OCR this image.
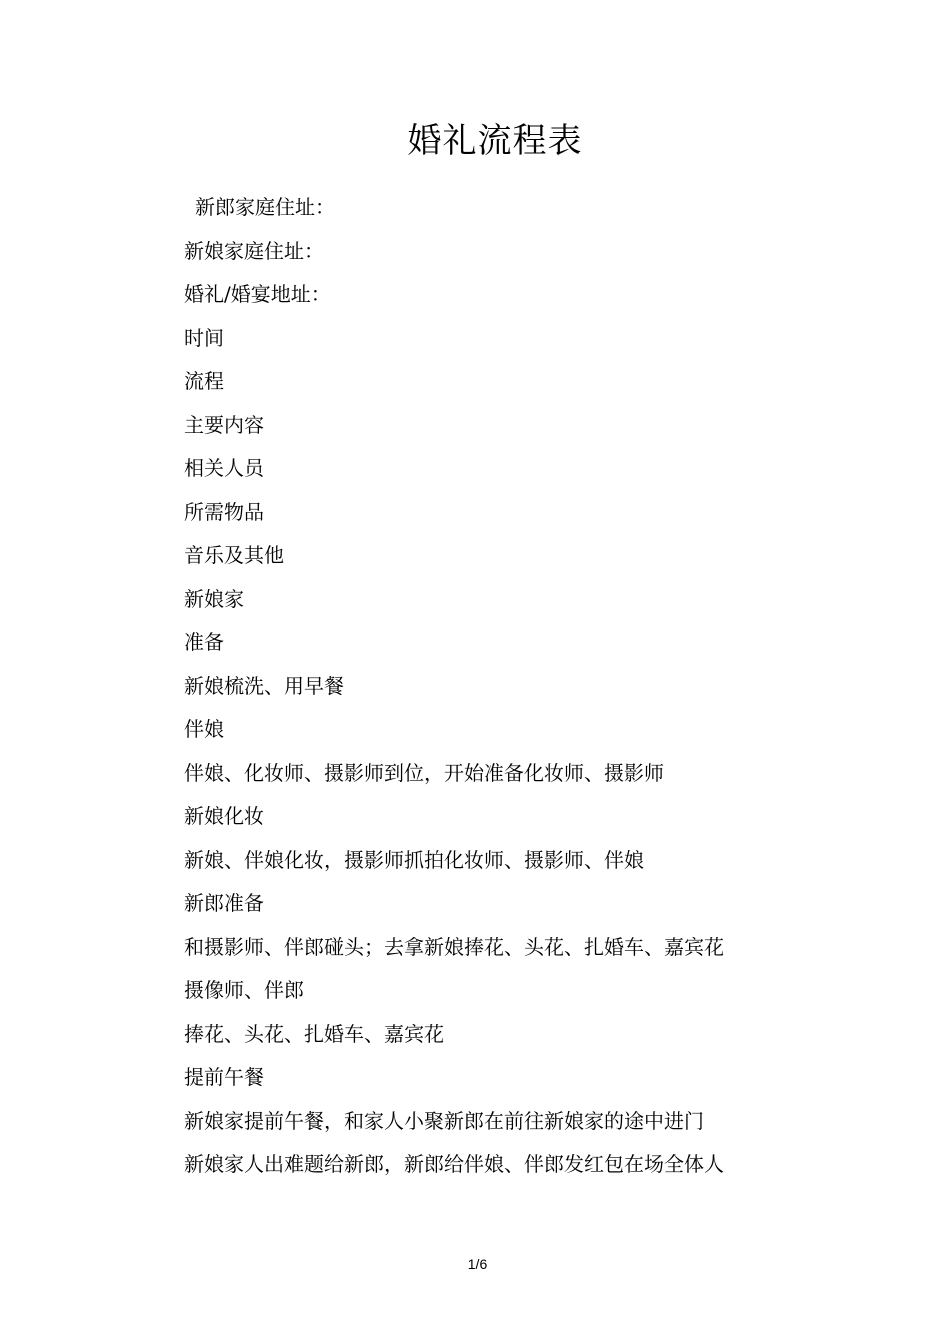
婚礼流程表
新郎家庭住址：
新娘家庭住址：
婚礼/婚宴地址：
时间
流程
主要内容
相关人员
所需物品
音乐及其他
新娘家
准备
新娘梳洗、用早餐
伴娘
伴娘、化妆师、摄影师到位，开始准备化妆师、摄影师
新娘化妆
新娘、伴娘化妆，摄影师抓拍化妆师、摄影师、伴娘
新郎准备
和摄影师、伴郎碰头；去拿新娘捧花、头花、扎婚车、嘉宾花
摄像师、伴郎
捧花、头花、扎婚车、嘉宾花
提前午餐
新娘家提前午餐，和家人小聚新郎在前往新娘家的途中进门
新娘家人出难题给新郎，新郎给伴娘、伴郎发红包在场全体人
1/6
